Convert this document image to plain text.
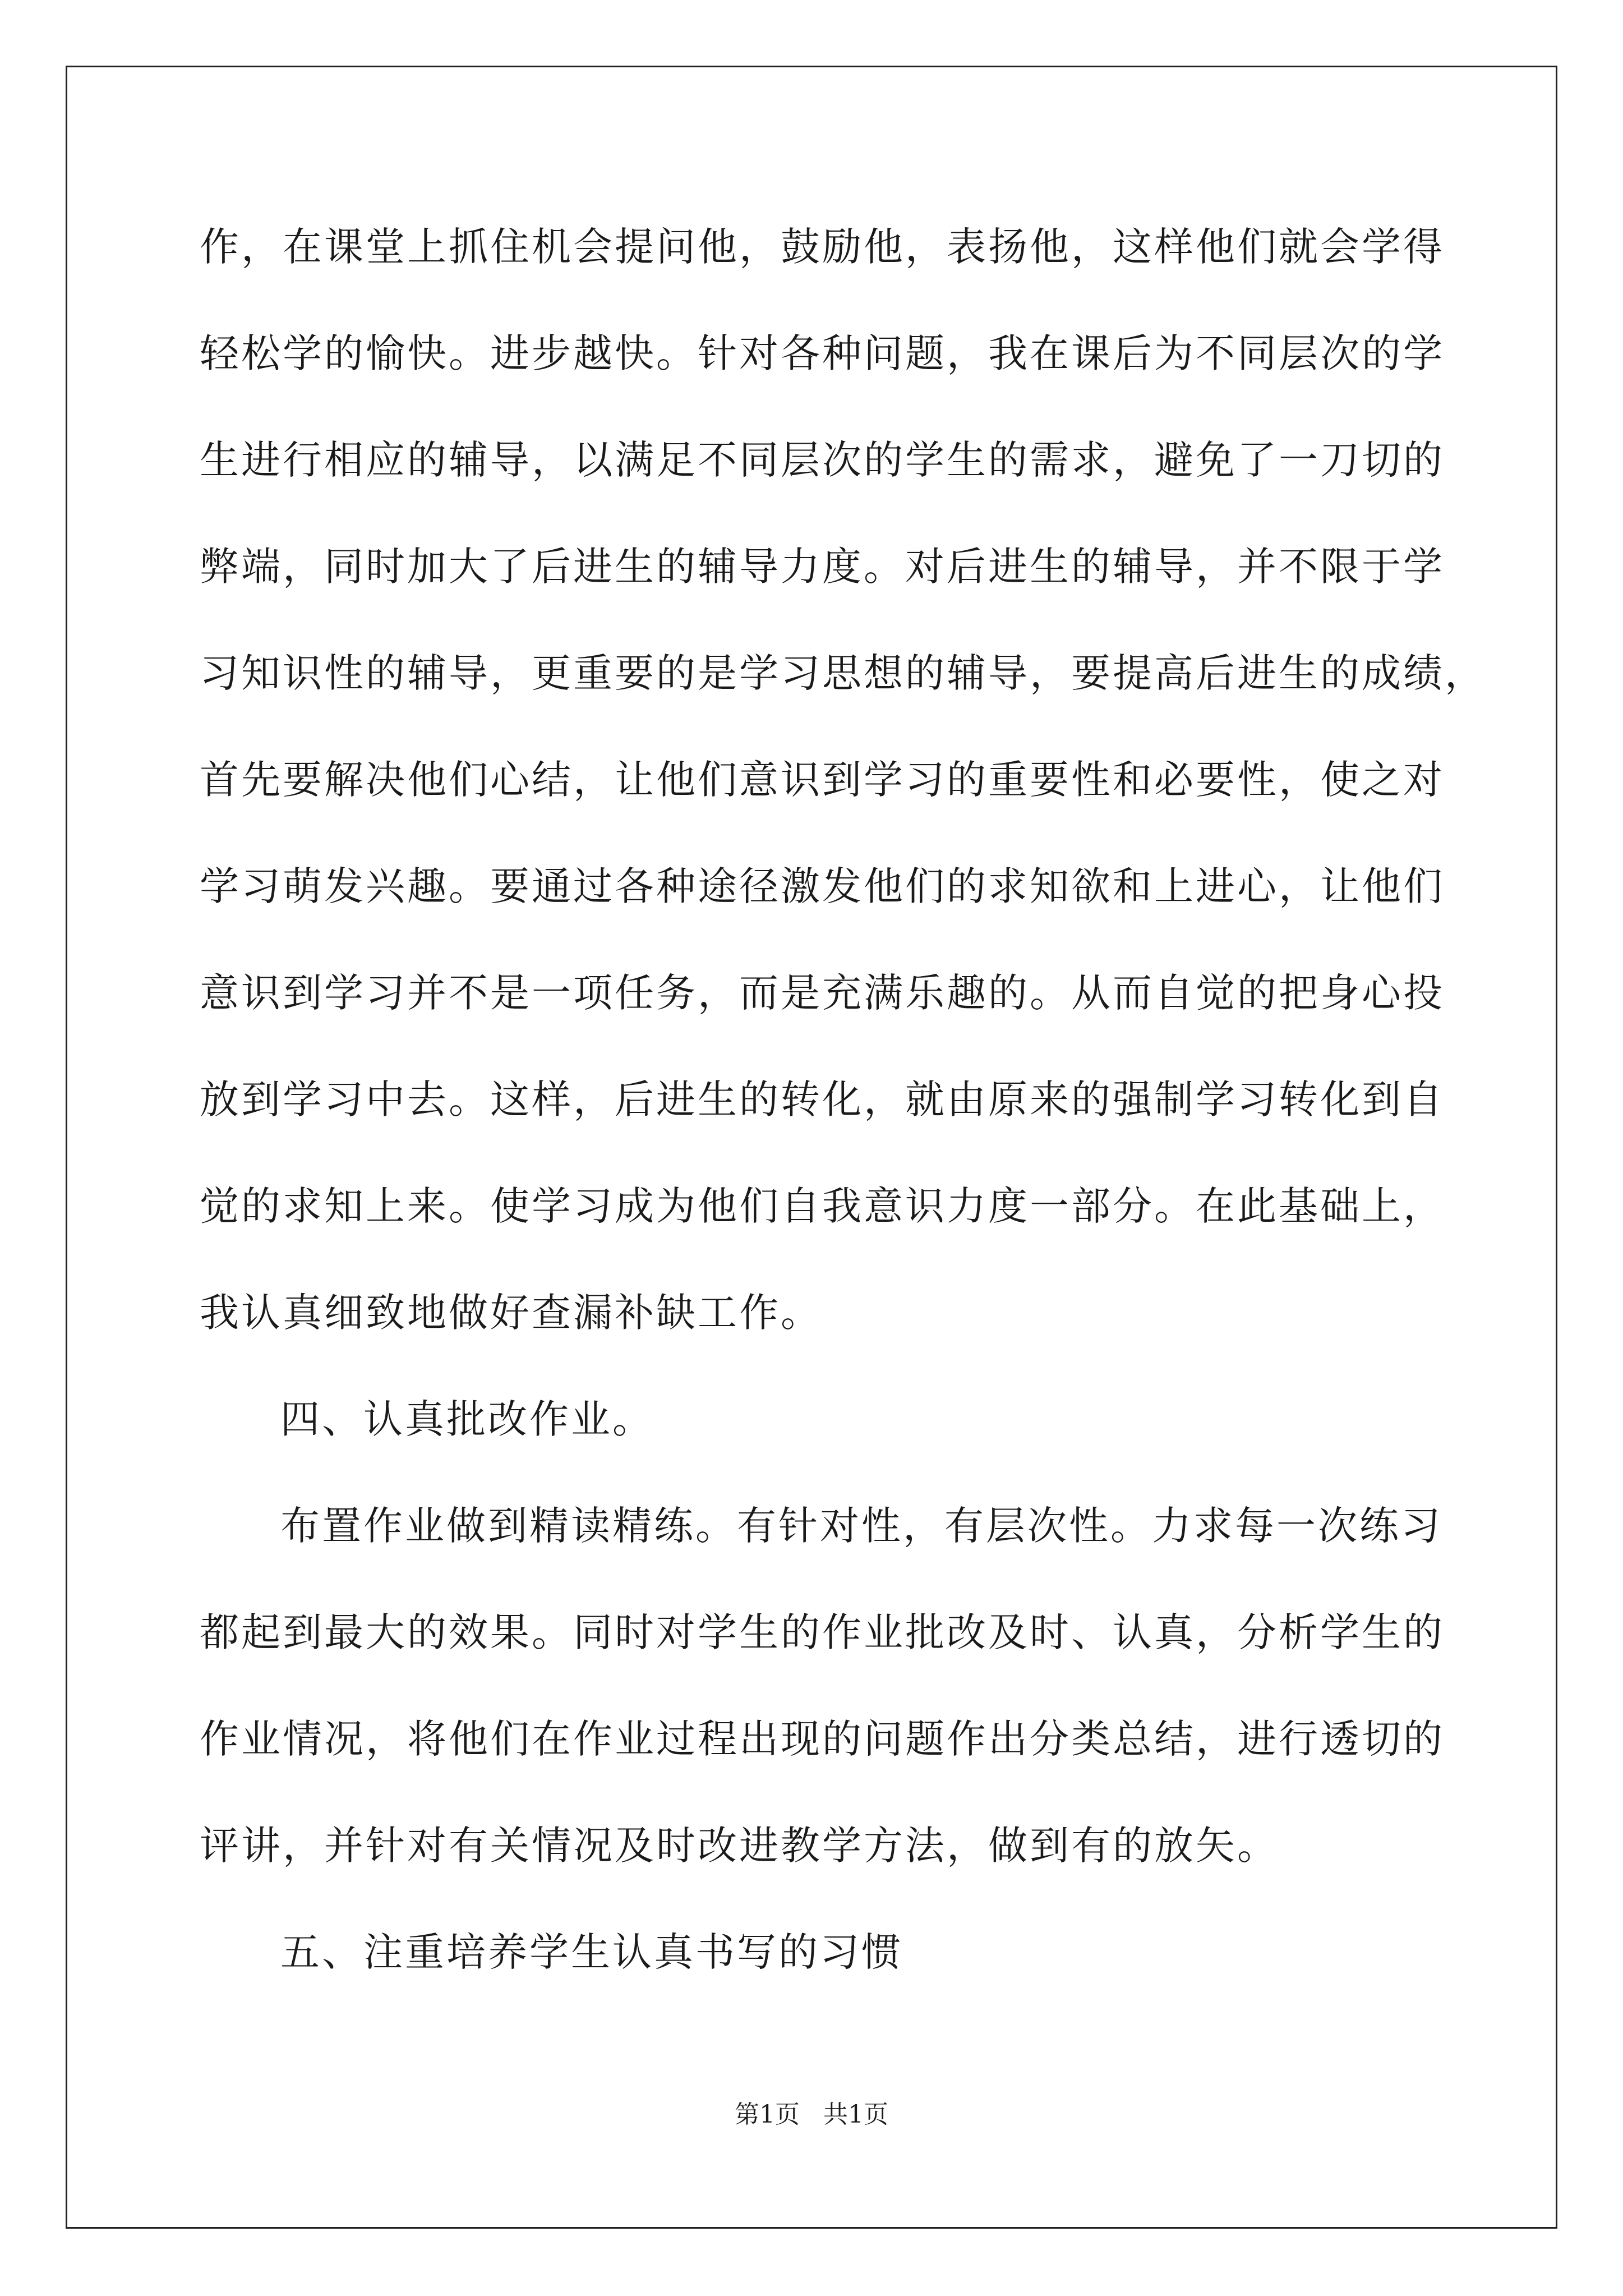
作，在课堂上抓住机会提问他，鼓励他，表扬他，这样他们就会学得
轻松学的愉快。进步越快。针对各种问题，我在课后为不同层次的学
生进行相应的辅导，以满足不同层次的学生的需求，避免了一刀切的
弊端，同时加大了后进生的辅导力度。对后进生的辅导，并不限于学
习知识性的辅导，更重要的是学习思想的辅导，要提高后进生的成绩，
首先要解决他们心结，让他们意识到学习的重要性和必要性，使之对
学习萌发兴趣。要通过各种途径激发他们的求知欲和上进心，让他们
意识到学习并不是一项任务，而是充满乐趣的。从而自觉的把身心投
放到学习中去。这样，后进生的转化，就由原来的强制学习转化到自
觉的求知上来。使学习成为他们自我意识力度一部分。在此基础上，
我认真细致地做好查漏补缺工作。
四、认真批改作业。
布置作业做到精读精练。有针对性，有层次性。力求每一次练习
都起到最大的效果。同时对学生的作业批改及时、认真，分析学生的
作业情况，将他们在作业过程出现的问题作出分类总结，进行透切的
评讲，并针对有关情况及时改进教学方法，做到有的放矢。
五、注重培养学生认真书写的习惯
第1页   共1页
